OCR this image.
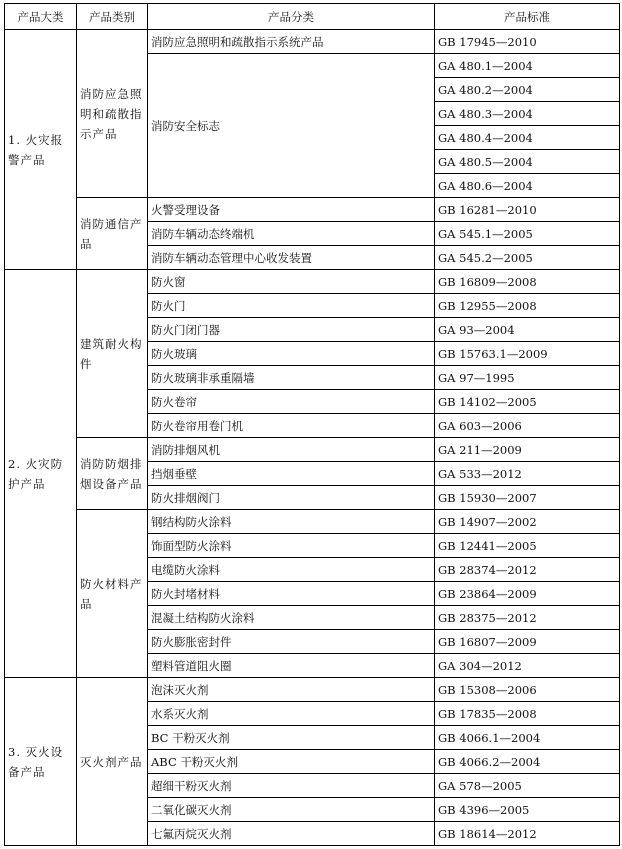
产品大类	产品类别	产品分类	产品标准
1. 火灾报警产品	消防应急照明和疏散指示产品	消防应急照明和疏散指示系统产品	GB 17945—2010
		消防安全标志	GA 480.1—2004
			GA 480.2—2004
			GA 480.3—2004
			GA 480.4—2004
			GA 480.5—2004
			GA 480.6—2004
	消防通信产品	火警受理设备	GB 16281—2010
		消防车辆动态终端机	GA 545.1—2005
		消防车辆动态管理中心收发装置	GA 545.2—2005
2. 火灾防护产品	建筑耐火构件	防火窗	GB 16809—2008
		防火门	GB 12955—2008
		防火门闭门器	GA 93—2004
		防火玻璃	GB 15763.1—2009
		防火玻璃非承重隔墙	GA 97—1995
		防火卷帘	GB 14102—2005
		防火卷帘用卷门机	GA 603—2006
	消防防烟排烟设备产品	消防排烟风机	GA 211—2009
		挡烟垂壁	GA 533—2012
		防火排烟阀门	GB 15930—2007
	防火材料产品	钢结构防火涂料	GB 14907—2002
		饰面型防火涂料	GB 12441—2005
		电缆防火涂料	GB 28374—2012
		防火封堵材料	GB 23864—2009
		混凝土结构防火涂料	GB 28375—2012
		防火膨胀密封件	GB 16807—2009
		塑料管道阻火圈	GA 304—2012
3. 灭火设备产品	灭火剂产品	泡沫灭火剂	GB 15308—2006
		水系灭火剂	GB 17835—2008
		BC 干粉灭火剂	GB 4066.1—2004
		ABC 干粉灭火剂	GB 4066.2—2004
		超细干粉灭火剂	GA 578—2005
		二氧化碳灭火剂	GB 4396—2005
		七氟丙烷灭火剂	GB 18614—2012
